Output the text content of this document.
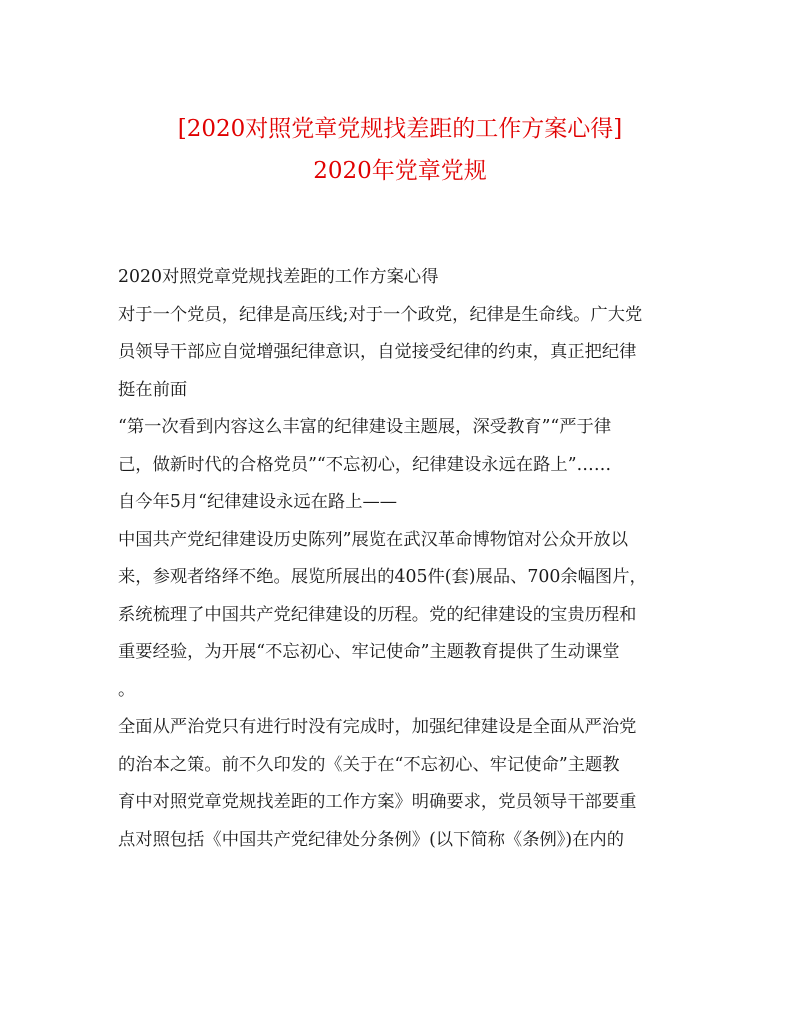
[2020对照党章党规找差距的工作方案心得]
2020年党章党规
2020对照党章党规找差距的工作方案心得
对于一个党员，纪律是高压线;对于一个政党，纪律是生命线。广大党
员领导干部应自觉增强纪律意识，自觉接受纪律的约束，真正把纪律
挺在前面
“第一次看到内容这么丰富的纪律建设主题展，深受教育”“严于律
己，做新时代的合格党员”“不忘初心，纪律建设永远在路上”……
自今年5月“纪律建设永远在路上——
中国共产党纪律建设历史陈列”展览在武汉革命博物馆对公众开放以
来，参观者络绎不绝。展览所展出的405件(套)展品、700余幅图片，
系统梳理了中国共产党纪律建设的历程。党的纪律建设的宝贵历程和
重要经验，为开展“不忘初心、牢记使命”主题教育提供了生动课堂
。
全面从严治党只有进行时没有完成时，加强纪律建设是全面从严治党
的治本之策。前不久印发的《关于在“不忘初心、牢记使命”主题教
育中对照党章党规找差距的工作方案》明确要求，党员领导干部要重
点对照包括《中国共产党纪律处分条例》(以下简称《条例》)在内的
